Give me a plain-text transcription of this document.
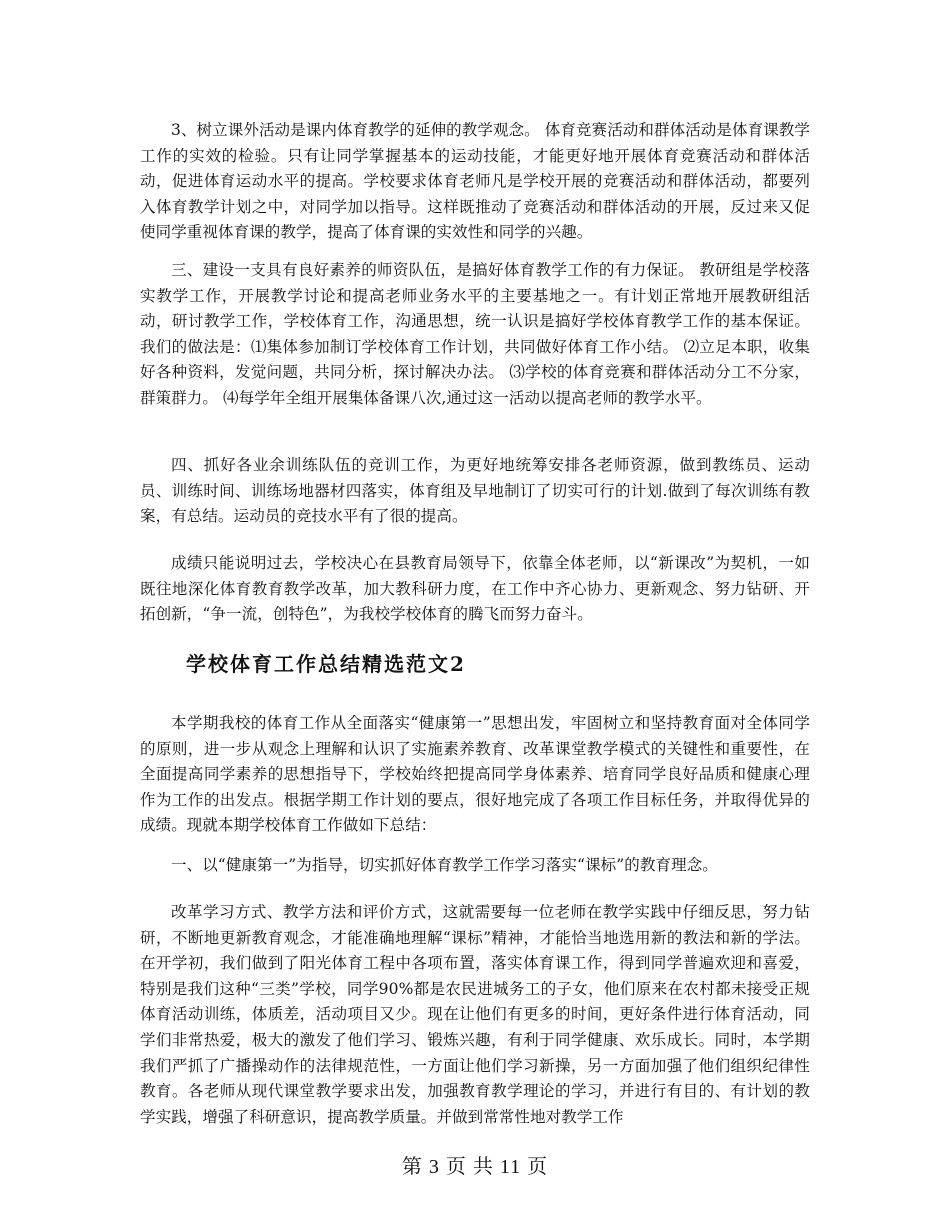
3、树立课外活动是课内体育教学的延伸的教学观念。 体育竞赛活动和群体活动是体育课教学工作的实效的检验。只有让同学掌握基本的运动技能，才能更好地开展体育竞赛活动和群体活动，促进体育运动水平的提高。学校要求体育老师凡是学校开展的竞赛活动和群体活动，都要列入体育教学计划之中，对同学加以指导。这样既推动了竞赛活动和群体活动的开展，反过来又促使同学重视体育课的教学，提高了体育课的实效性和同学的兴趣。

三、建设一支具有良好素养的师资队伍，是搞好体育教学工作的有力保证。 教研组是学校落实教学工作，开展教学讨论和提高老师业务水平的主要基地之一。有计划正常地开展教研组活动，研讨教学工作，学校体育工作，沟通思想，统一认识是搞好学校体育教学工作的基本保证。我们的做法是：⑴集体参加制订学校体育工作计划，共同做好体育工作小结。 ⑵立足本职，收集好各种资料，发觉问题，共同分析，探讨解决办法。 ⑶学校的体育竞赛和群体活动分工不分家，群策群力。 ⑷每学年全组开展集体备课八次,通过这一活动以提高老师的教学水平。

四、抓好各业余训练队伍的竞训工作，为更好地统筹安排各老师资源，做到教练员、运动员、训练时间、训练场地器材四落实，体育组及早地制订了切实可行的计划.做到了每次训练有教案，有总结。运动员的竞技水平有了很的提高。

成绩只能说明过去，学校决心在县教育局领导下，依靠全体老师，以“新课改”为契机，一如既往地深化体育教育教学改革，加大教科研力度，在工作中齐心协力、更新观念、努力钻研、开拓创新，“争一流，创特色”，为我校学校体育的腾飞而努力奋斗。

学校体育工作总结精选范文2

本学期我校的体育工作从全面落实“健康第一”思想出发，牢固树立和坚持教育面对全体同学的原则，进一步从观念上理解和认识了实施素养教育、改革课堂教学模式的关键性和重要性，在全面提高同学素养的思想指导下，学校始终把提高同学身体素养、培育同学良好品质和健康心理作为工作的出发点。根据学期工作计划的要点，很好地完成了各项工作目标任务，并取得优异的成绩。现就本期学校体育工作做如下总结：

一、以“健康第一”为指导，切实抓好体育教学工作学习落实“课标”的教育理念。

改革学习方式、教学方法和评价方式，这就需要每一位老师在教学实践中仔细反思，努力钻研，不断地更新教育观念，才能准确地理解“课标”精神，才能恰当地选用新的教法和新的学法。在开学初，我们做到了阳光体育工程中各项布置，落实体育课工作，得到同学普遍欢迎和喜爱，特别是我们这种“三类”学校，同学90%都是农民进城务工的子女，他们原来在农村都未接受正规体育活动训练，体质差，活动项目又少。现在让他们有更多的时间，更好条件进行体育活动，同学们非常热爱，极大的激发了他们学习、锻炼兴趣，有利于同学健康、欢乐成长。同时，本学期我们严抓了广播操动作的法律规范性，一方面让他们学习新操，另一方面加强了他们组织纪律性教育。各老师从现代课堂教学要求出发，加强教育教学理论的学习，并进行有目的、有计划的教学实践，增强了科研意识，提高教学质量。并做到常常性地对教学工作

第 3 页 共 11 页
